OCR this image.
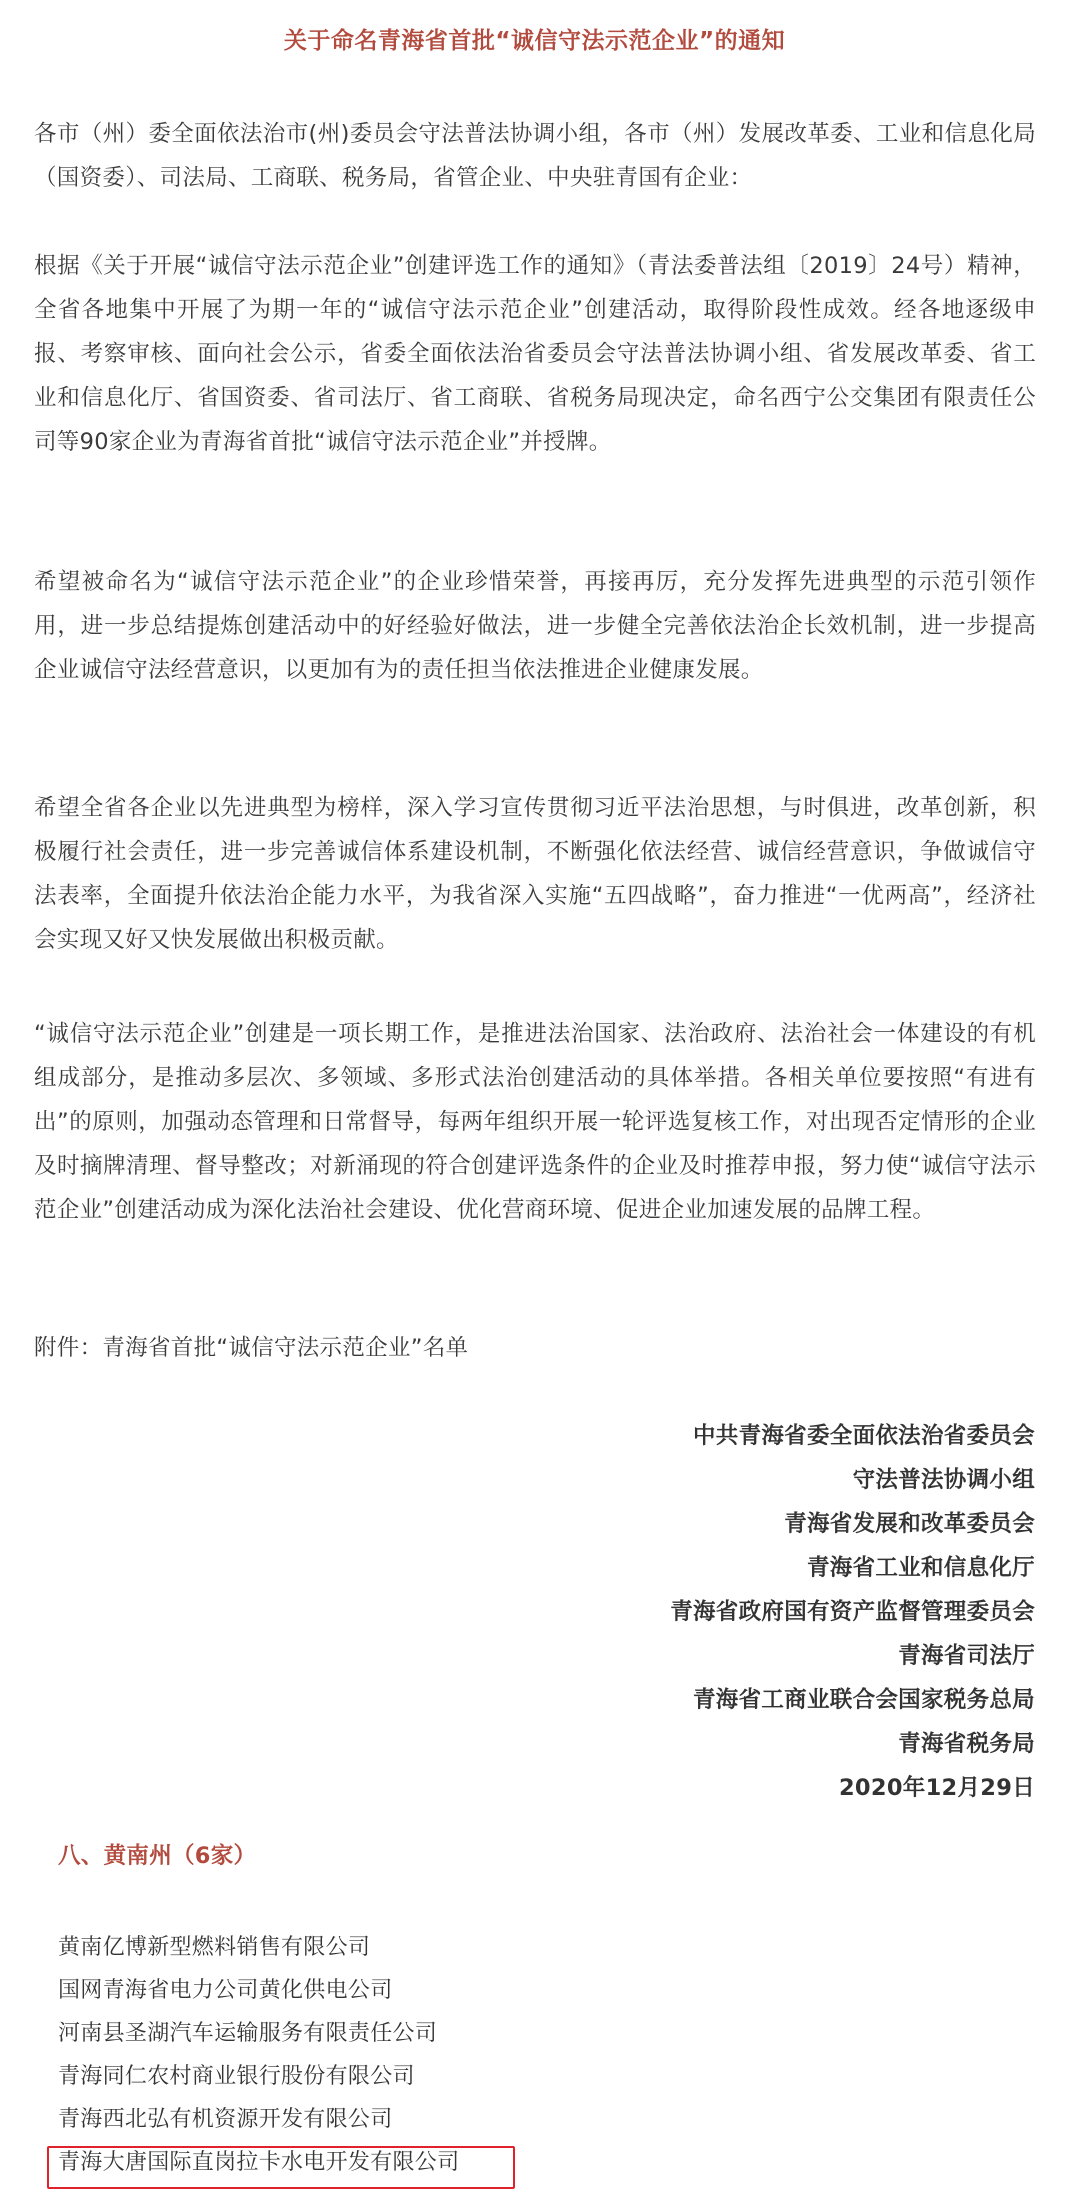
关于命名青海省首批“诚信守法示范企业”的通知
各市（州）委全面依法治市(州)委员会守法普法协调小组，各市（州）发展改革委、工业和信息化局（国资委）、司法局、工商联、税务局，省管企业、中央驻青国有企业：
根据《关于开展“诚信守法示范企业”创建评选工作的通知》（青法委普法组〔2019〕24号）精神，全省各地集中开展了为期一年的“诚信守法示范企业”创建活动，取得阶段性成效。经各地逐级申报、考察审核、面向社会公示，省委全面依法治省委员会守法普法协调小组、省发展改革委、省工业和信息化厅、省国资委、省司法厅、省工商联、省税务局现决定，命名西宁公交集团有限责任公司等90家企业为青海省首批“诚信守法示范企业”并授牌。
希望被命名为“诚信守法示范企业”的企业珍惜荣誉，再接再厉，充分发挥先进典型的示范引领作用，进一步总结提炼创建活动中的好经验好做法，进一步健全完善依法治企长效机制，进一步提高企业诚信守法经营意识，以更加有为的责任担当依法推进企业健康发展。
希望全省各企业以先进典型为榜样，深入学习宣传贯彻习近平法治思想，与时俱进，改革创新，积极履行社会责任，进一步完善诚信体系建设机制，不断强化依法经营、诚信经营意识，争做诚信守法表率，全面提升依法治企能力水平，为我省深入实施“五四战略”，奋力推进“一优两高”，经济社会实现又好又快发展做出积极贡献。
“诚信守法示范企业”创建是一项长期工作，是推进法治国家、法治政府、法治社会一体建设的有机组成部分，是推动多层次、多领域、多形式法治创建活动的具体举措。各相关单位要按照“有进有出”的原则，加强动态管理和日常督导，每两年组织开展一轮评选复核工作，对出现否定情形的企业及时摘牌清理、督导整改；对新涌现的符合创建评选条件的企业及时推荐申报，努力使“诚信守法示范企业”创建活动成为深化法治社会建设、优化营商环境、促进企业加速发展的品牌工程。
附件：青海省首批“诚信守法示范企业”名单
中共青海省委全面依法治省委员会
守法普法协调小组
青海省发展和改革委员会
青海省工业和信息化厅
青海省政府国有资产监督管理委员会
青海省司法厅
青海省工商业联合会国家税务总局
青海省税务局
2020年12月29日
八、黄南州（6家）
黄南亿博新型燃料销售有限公司
国网青海省电力公司黄化供电公司
河南县圣湖汽车运输服务有限责任公司
青海同仁农村商业银行股份有限公司
青海西北弘有机资源开发有限公司
青海大唐国际直岗拉卡水电开发有限公司
